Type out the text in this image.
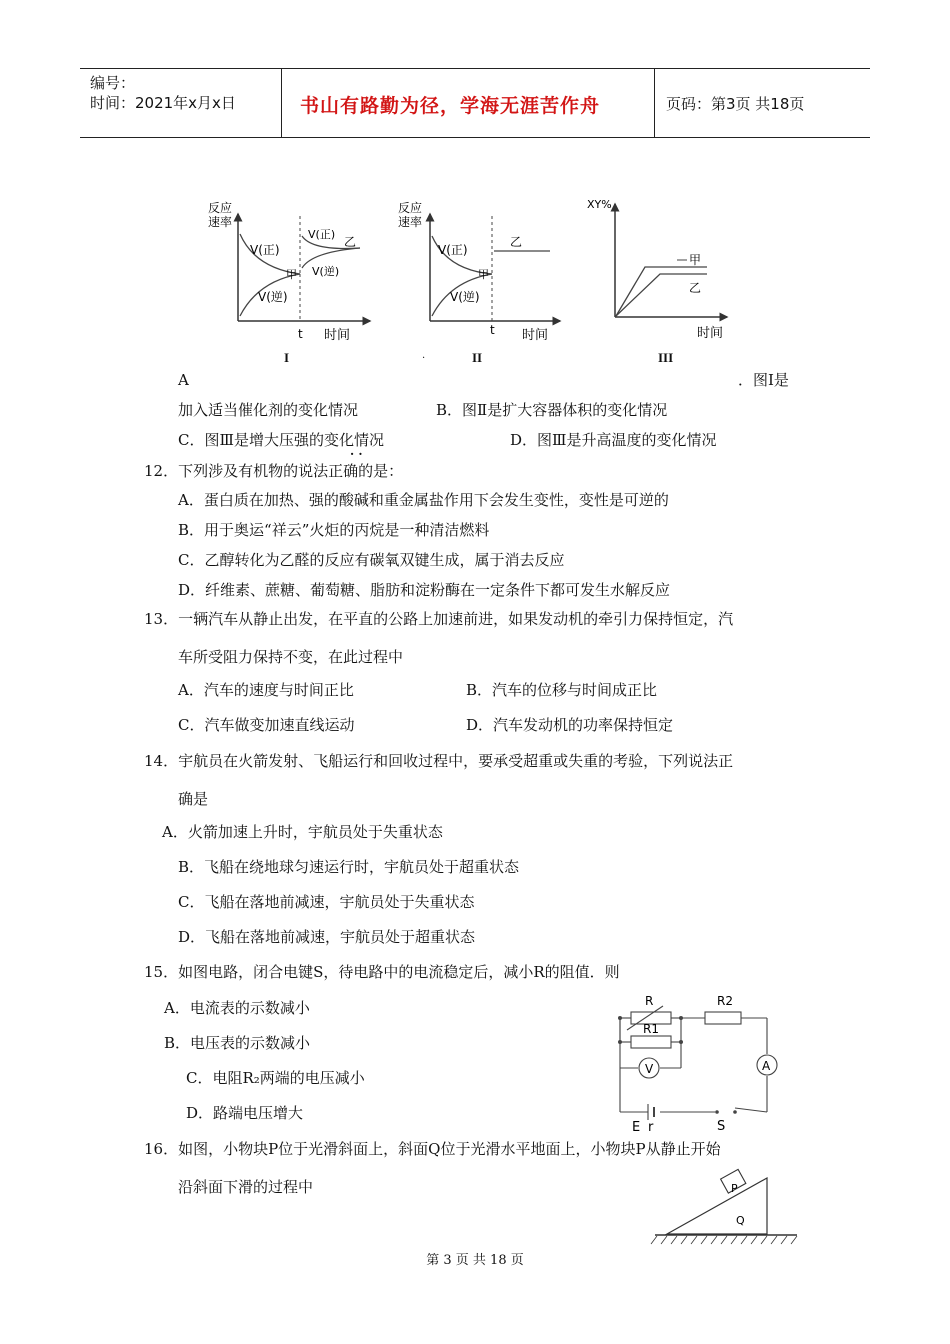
编号：
时间：2021年x月x日	书山有路勤为径，学海无涯苦作舟	页码：第3页 共18页
反应
速率
V(正)
V(逆)
V(正)
V(逆)
甲
乙
t 时间
I
反应
速率
V(正)
V(逆)
甲
乙
t 时间
.	II
XY%
甲
乙
时间
III
A	．图Ⅰ是
加入适当催化剂的变化情况	B．图Ⅱ是扩大容器体积的变化情况
C．图Ⅲ是增大压强的变化情况	D．图Ⅲ是升高温度的变化情况
· ·
12．下列涉及有机物的说法正确的是：
A．蛋白质在加热、强的酸碱和重金属盐作用下会发生变性，变性是可逆的
B．用于奥运“祥云”火炬的丙烷是一种清洁燃料
C．乙醇转化为乙醛的反应有碳氧双键生成，属于消去反应
D．纤维素、蔗糖、葡萄糖、脂肪和淀粉酶在一定条件下都可发生水解反应
13．一辆汽车从静止出发，在平直的公路上加速前进，如果发动机的牵引力保持恒定，汽
车所受阻力保持不变，在此过程中
A．汽车的速度与时间正比	B．汽车的位移与时间成正比
C．汽车做变加速直线运动	D．汽车发动机的功率保持恒定
14．宇航员在火箭发射、飞船运行和回收过程中，要承受超重或失重的考验，下列说法正
确是
A．火箭加速上升时，宇航员处于失重状态
B．飞船在绕地球匀速运行时，宇航员处于超重状态
C．飞船在落地前减速，宇航员处于失重状态
D．飞船在落地前减速，宇航员处于超重状态
15．如图电路，闭合电键S，待电路中的电流稳定后，减小R的阻值．则
A．电流表的示数减小
B．电压表的示数减小
C．电阻R₂两端的电压减小
D．路端电压增大
R	R2
R1
V	A
E r	S
16．如图，小物块P位于光滑斜面上，斜面Q位于光滑水平地面上，小物块P从静止开始
沿斜面下滑的过程中	P
Q
第 3 页 共 18 页
